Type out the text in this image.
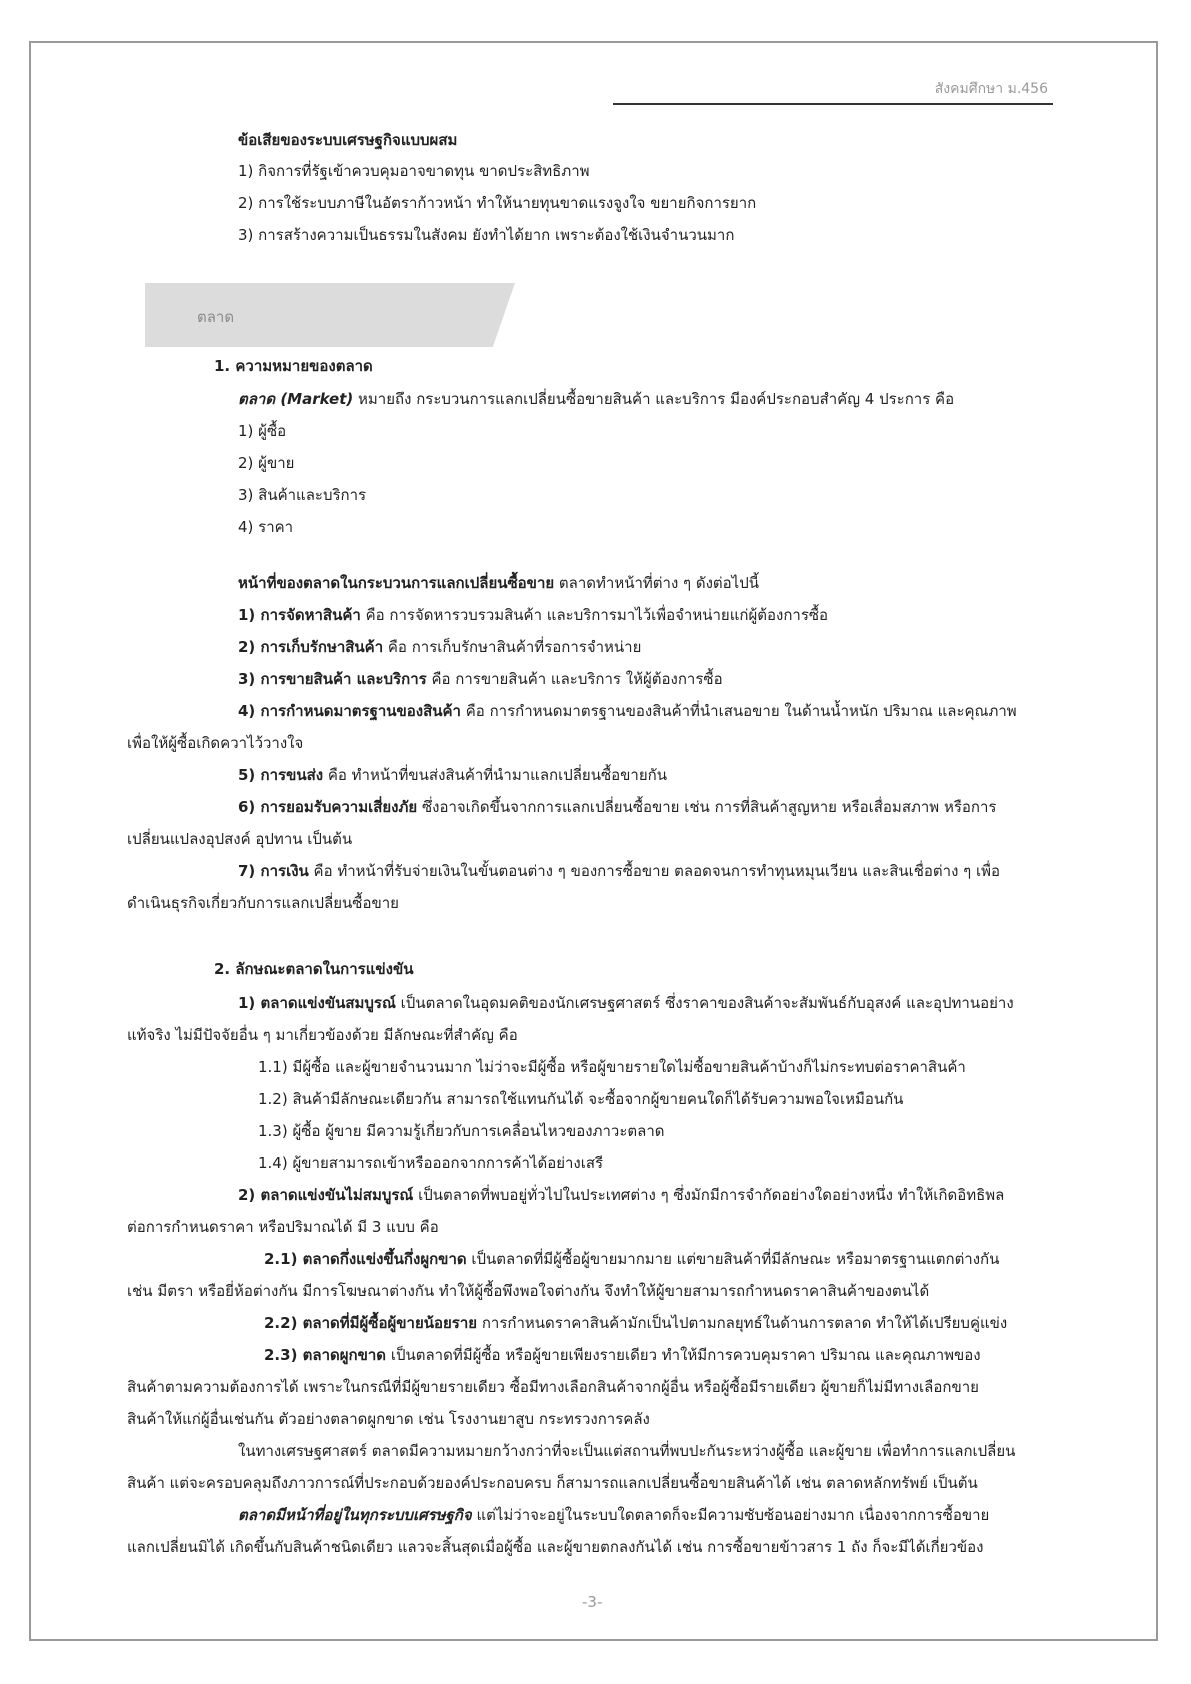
สังคมศึกษา ม.456
ข้อเสียของระบบเศรษฐกิจแบบผสม
1) กิจการที่รัฐเข้าควบคุมอาจขาดทุน ขาดประสิทธิภาพ
2) การใช้ระบบภาษีในอัตราก้าวหน้า ทำให้นายทุนขาดแรงจูงใจ ขยายกิจการยาก
3) การสร้างความเป็นธรรมในสังคม ยังทำได้ยาก เพราะต้องใช้เงินจำนวนมาก
ตลาด
1. ความหมายของตลาด
ตลาด (Market) หมายถึง กระบวนการแลกเปลี่ยนซื้อขายสินค้า และบริการ มีองค์ประกอบสำคัญ 4 ประการ คือ
1) ผู้ซื้อ
2) ผู้ขาย
3) สินค้าและบริการ
4) ราคา
หน้าที่ของตลาดในกระบวนการแลกเปลี่ยนซื้อขาย ตลาดทำหน้าที่ต่าง ๆ ดังต่อไปนี้
1) การจัดหาสินค้า คือ การจัดหารวบรวมสินค้า และบริการมาไว้เพื่อจำหน่ายแก่ผู้ต้องการซื้อ
2) การเก็บรักษาสินค้า คือ การเก็บรักษาสินค้าที่รอการจำหน่าย
3) การขายสินค้า และบริการ คือ การขายสินค้า และบริการ ให้ผู้ต้องการซื้อ
4) การกำหนดมาตรฐานของสินค้า คือ การกำหนดมาตรฐานของสินค้าที่นำเสนอขาย ในด้านน้ำหนัก ปริมาณ และคุณภาพ
เพื่อให้ผู้ซื้อเกิดควาไว้วางใจ
5) การขนส่ง คือ ทำหน้าที่ขนส่งสินค้าที่นำมาแลกเปลี่ยนซื้อขายกัน
6) การยอมรับความเสี่ยงภัย ซึ่งอาจเกิดขึ้นจากการแลกเปลี่ยนซื้อขาย เช่น การที่สินค้าสูญหาย หรือเสื่อมสภาพ หรือการ
เปลี่ยนแปลงอุปสงค์ อุปทาน เป็นต้น
7) การเงิน คือ ทำหน้าที่รับจ่ายเงินในขั้นตอนต่าง ๆ ของการซื้อขาย ตลอดจนการทำทุนหมุนเวียน และสินเชื่อต่าง ๆ เพื่อ
ดำเนินธุรกิจเกี่ยวกับการแลกเปลี่ยนซื้อขาย
2. ลักษณะตลาดในการแข่งขัน
1) ตลาดแข่งขันสมบูรณ์ เป็นตลาดในอุดมคติของนักเศรษฐศาสตร์ ซึ่งราคาของสินค้าจะสัมพันธ์กับอุสงค์ และอุปทานอย่าง
แท้จริง ไม่มีปัจจัยอื่น ๆ มาเกี่ยวข้องด้วย มีลักษณะที่สำคัญ คือ
1.1) มีผู้ซื้อ และผู้ขายจำนวนมาก ไม่ว่าจะมีผู้ซื้อ หรือผู้ขายรายใดไม่ซื้อขายสินค้าบ้างก็ไม่กระทบต่อราคาสินค้า
1.2) สินค้ามีลักษณะเดียวกัน สามารถใช้แทนกันได้ จะซื้อจากผู้ขายคนใดก็ได้รับความพอใจเหมือนกัน
1.3) ผู้ซื้อ ผู้ขาย มีความรู้เกี่ยวกับการเคลื่อนไหวของภาวะตลาด
1.4) ผู้ขายสามารถเข้าหรือออกจากการค้าได้อย่างเสรี
2) ตลาดแข่งขันไม่สมบูรณ์ เป็นตลาดที่พบอยู่ทั่วไปในประเทศต่าง ๆ ซึ่งมักมีการจำกัดอย่างใดอย่างหนึ่ง ทำให้เกิดอิทธิพล
ต่อการกำหนดราคา หรือปริมาณได้ มี 3 แบบ คือ
2.1) ตลาดกึ่งแข่งขึ้นกึ่งผูกขาด เป็นตลาดที่มีผู้ซื้อผู้ขายมากมาย แต่ขายสินค้าที่มีลักษณะ หรือมาตรฐานแตกต่างกัน
เช่น มีตรา หรือยี่ห้อต่างกัน มีการโฆษณาต่างกัน ทำให้ผู้ซื้อพึงพอใจต่างกัน จึงทำให้ผู้ขายสามารถกำหนดราคาสินค้าของตนได้
2.2) ตลาดที่มีผู้ซื้อผู้ขายน้อยราย การกำหนดราคาสินค้ามักเป็นไปตามกลยุทธ์ในด้านการตลาด ทำให้ได้เปรียบคู่แข่ง
2.3) ตลาดผูกขาด เป็นตลาดที่มีผู้ซื้อ หรือผู้ขายเพียงรายเดียว ทำให้มีการควบคุมราคา ปริมาณ และคุณภาพของ
สินค้าตามความต้องการได้ เพราะในกรณีที่มีผู้ขายรายเดียว ซื้อมีทางเลือกสินค้าจากผู้อื่น หรือผู้ซื้อมีรายเดียว ผู้ขายก็ไม่มีทางเลือกขาย
สินค้าให้แก่ผู้อื่นเช่นกัน ตัวอย่างตลาดผูกขาด เช่น โรงงานยาสูบ กระทรวงการคลัง
ในทางเศรษฐศาสตร์ ตลาดมีความหมายกว้างกว่าที่จะเป็นแต่สถานที่พบปะกันระหว่างผู้ซื้อ และผู้ขาย เพื่อทำการแลกเปลี่ยน
สินค้า แต่จะครอบคลุมถึงภาวการณ์ที่ประกอบด้วยองค์ประกอบครบ ก็สามารถแลกเปลี่ยนซื้อขายสินค้าได้ เช่น ตลาดหลักทรัพย์ เป็นต้น
ตลาดมีหน้าที่อยู่ในทุกระบบเศรษฐกิจ แต่ไม่ว่าจะอยู่ในระบบใดตลาดก็จะมีความซับซ้อนอย่างมาก เนื่องจากการซื้อขาย
แลกเปลี่ยนมิได้ เกิดขึ้นกับสินค้าชนิดเดียว แลวจะสิ้นสุดเมื่อผู้ซื้อ และผู้ขายตกลงกันได้ เช่น การซื้อขายข้าวสาร 1 ถัง ก็จะมีได้เกี่ยวข้อง
-3-
